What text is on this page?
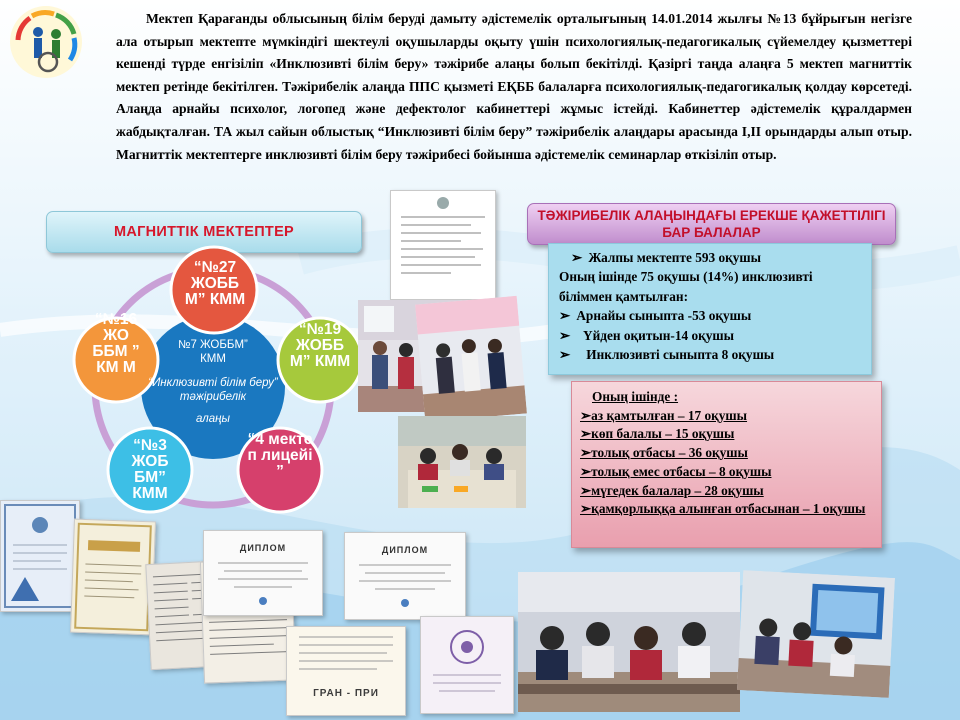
Мектеп Қарағанды облысының білім беруді дамыту әдістемелік орталығының 14.01.2014 жылғы №13 бұйрығын негізге ала отырып мектепте мүмкіндігі шектеулі оқушыларды оқыту үшін психологиялық-педагогикалық сүйемелдеу қызметтері кешенді түрде енгізіліп «Инклюзивті білім беру» тәжірибе алаңы болып бекітілді. Қазіргі таңда алаңға 5 мектеп магниттік мектеп ретінде бекітілген. Тәжірибелік алаңда ППС қызметі ЕҚББ балаларға психологиялық-педагогикалық қолдау көрсетеді. Алаңда арнайы психолог, логопед және дефектолог кабинеттері жұмыс істейді. Кабинеттер әдістемелік құралдармен жабдықталған. ТА жыл сайын облыстық “Инклюзивті білім беру” тәжірибелік алаңдары арасында І,ІІ орындарды алып отыр. Магниттік мектептерге инклюзивті білім беру тәжірибесі бойынша әдістемелік семинарлар өткізіліп отыр.

МАГНИТТІК МЕКТЕПТЕР
ТӘЖІРИБЕЛІК АЛАҢЫНДАҒЫ ЕРЕКШЕ ҚАЖЕТТІЛІГІ БАР БАЛАЛАР
➢ Жалпы мектепте 593 оқушы
Оның ішінде 75 оқушы (14%) инклюзивті
біліммен қамтылған:
➢ Арнайы сыныпта -53 оқушы
➢ Үйден оқитын-14 оқушы
➢ Инклюзивті сыныпта 8 оқушы
Оның ішінде :
➢аз қамтылған – 17 оқушы
➢көп балалы – 15 оқушы
➢толық отбасы – 36 оқушы
➢толық емес отбасы – 8 оқушы
➢мүгедек балалар – 28 оқушы
➢қамқорлыққа алынған отбасынан – 1 оқушы
№7 ЖОББМ”
КММ
“Инклюзивті білім беру” тәжірибелік
алаңы
“№27 ЖОББ М” КММ
“№19 ЖОББ М” КММ
“4 мекте п лицейі ”
“№3 ЖОБ БМ” КММ
“№16 ЖО ББМ ” КМ М
ДИПЛОМ	ДИПЛОМ
ГРАН - ПРИ
